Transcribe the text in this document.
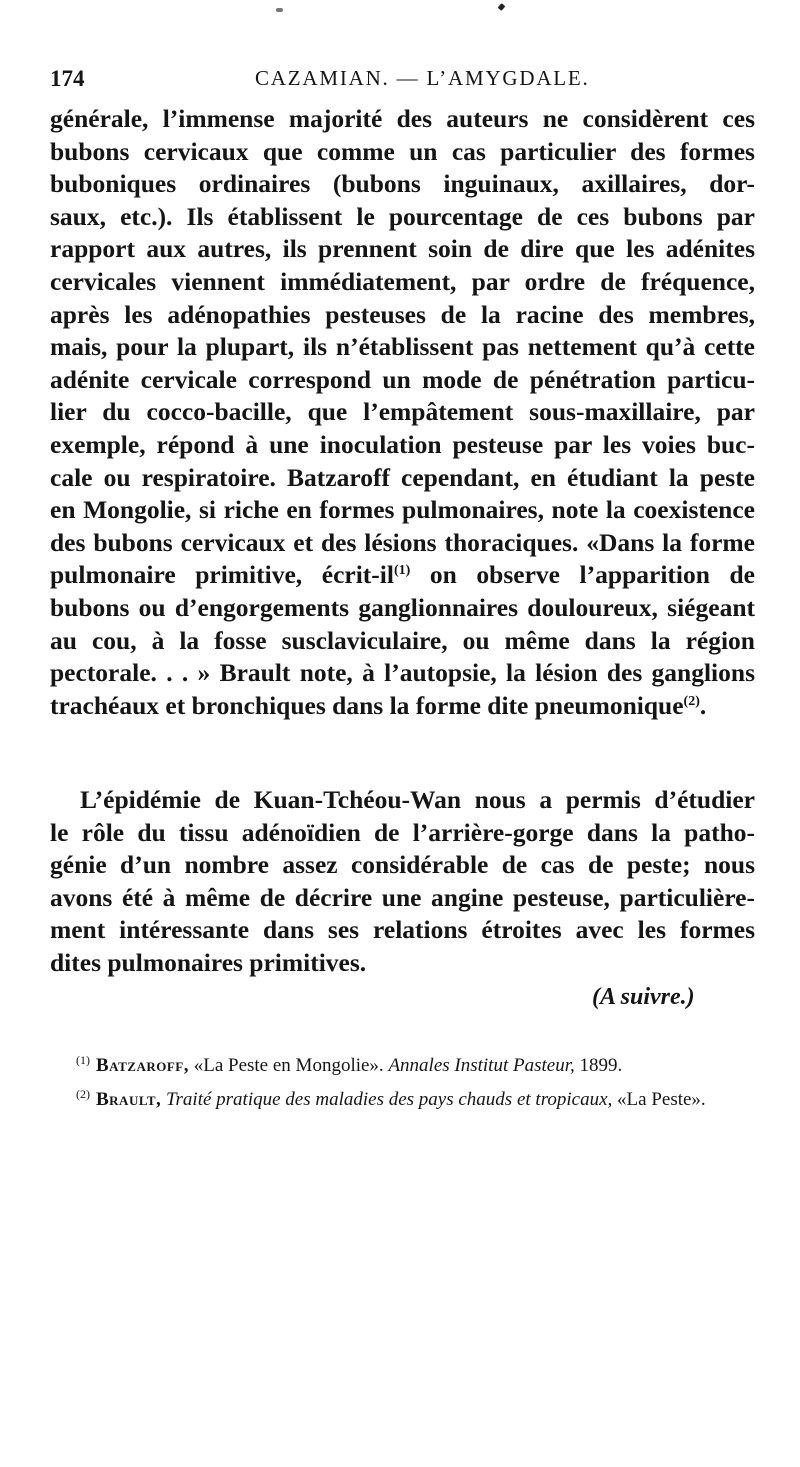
174	CAZAMIAN. — L’AMYGDALE.
générale, l’immense majorité des auteurs ne considèrent ces
bubons cervicaux que comme un cas particulier des formes
buboniques ordinaires (bubons inguinaux, axillaires, dor-
saux, etc.). Ils établissent le pourcentage de ces bubons par
rapport aux autres, ils prennent soin de dire que les adénites
cervicales viennent immédiatement, par ordre de fréquence,
après les adénopathies pesteuses de la racine des membres,
mais, pour la plupart, ils n’établissent pas nettement qu’à cette
adénite cervicale correspond un mode de pénétration particu-
lier du cocco-bacille, que l’empâtement sous-maxillaire, par
exemple, répond à une inoculation pesteuse par les voies buc-
cale ou respiratoire. Batzaroff cependant, en étudiant la peste
en Mongolie, si riche en formes pulmonaires, note la coexistence
des bubons cervicaux et des lésions thoraciques. «Dans la forme
pulmonaire primitive, écrit-il$^{(1)}$ on observe l’apparition de
bubons ou d’engorgements ganglionnaires douloureux, siégeant
au cou, à la fosse susclaviculaire, ou même dans la région
pectorale. . . » Brault note, à l’autopsie, la lésion des ganglions
trachéaux et bronchiques dans la forme dite pneumonique$^{(2)}$.
L’épidémie de Kuan-Tchéou-Wan nous a permis d’étudier
le rôle du tissu adénoïdien de l’arrière-gorge dans la patho-
génie d’un nombre assez considérable de cas de peste; nous
avons été à même de décrire une angine pesteuse, particulière-
ment intéressante dans ses relations étroites avec les formes
dites pulmonaires primitives.
(A suivre.)
$^{(1)}$ Batzaroff, «La Peste en Mongolie». Annales Institut Pasteur, 1899.
$^{(2)}$ Brault, Traité pratique des maladies des pays chauds et tropicaux, «La Peste».
